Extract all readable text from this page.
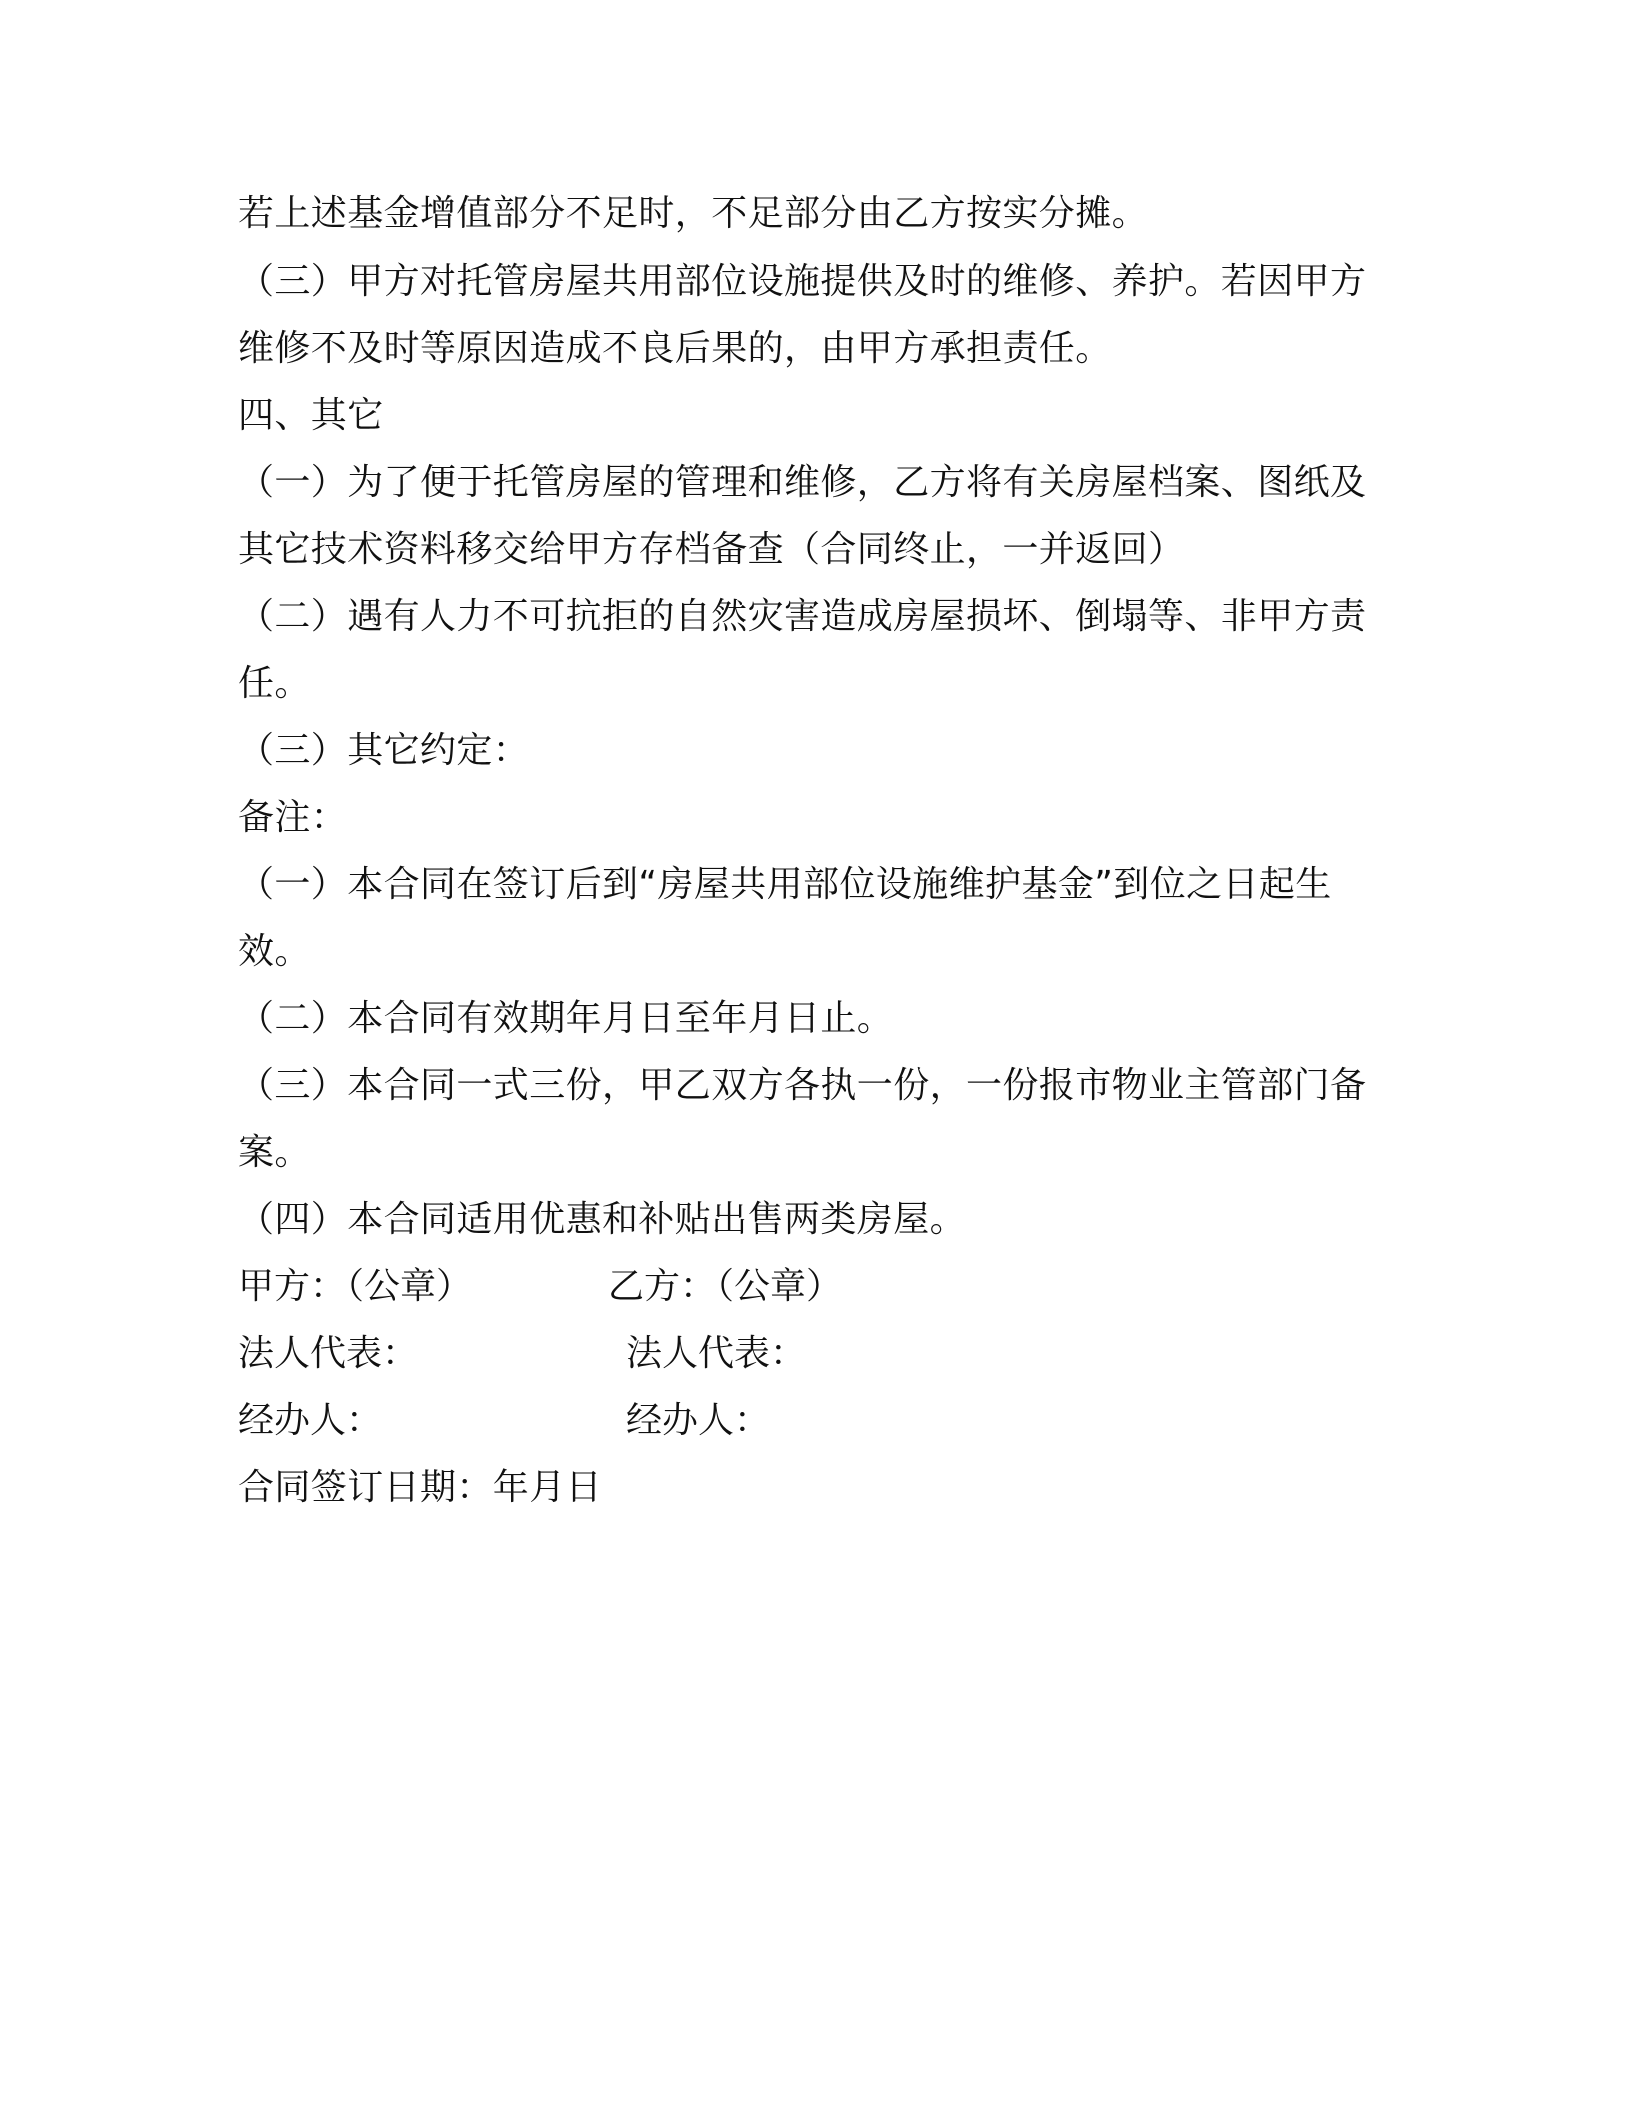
若上述基金增值部分不足时，不足部分由乙方按实分摊。
（三）甲方对托管房屋共用部位设施提供及时的维修、养护。若因甲方
维修不及时等原因造成不良后果的，由甲方承担责任。
四、其它
（一）为了便于托管房屋的管理和维修，乙方将有关房屋档案、图纸及
其它技术资料移交给甲方存档备查（合同终止，一并返回）
（二）遇有人力不可抗拒的自然灾害造成房屋损坏、倒塌等、非甲方责
任。
（三）其它约定：
备注：
（一）本合同在签订后到“房屋共用部位设施维护基金”到位之日起生
效。
（二）本合同有效期年月日至年月日止。
（三）本合同一式三份，甲乙双方各执一份，一份报市物业主管部门备
案。
（四）本合同适用优惠和补贴出售两类房屋。
甲方：（公章）	乙方：（公章）
法人代表：	法人代表：
经办人：	经办人：
合同签订日期：年月日
